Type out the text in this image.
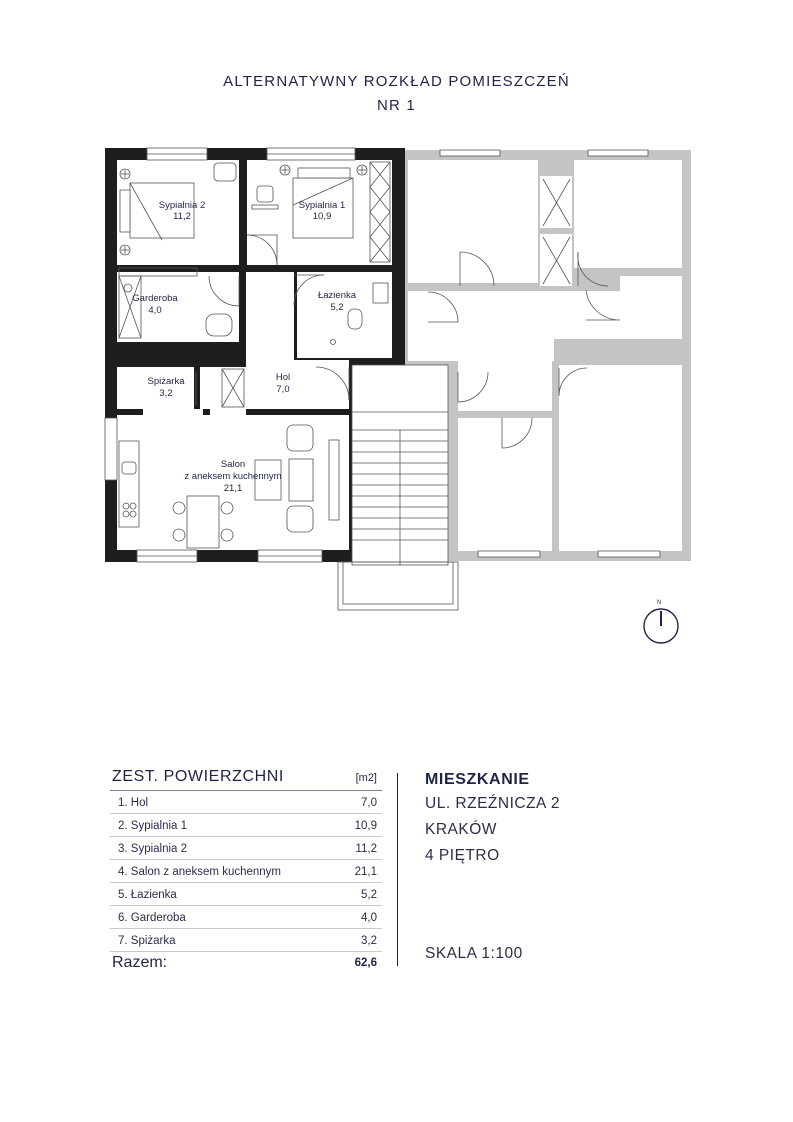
ALTERNATYWNY ROZKŁAD POMIESZCZEŃ
NR 1
N
Sypialnia 2
11,2
Sypialnia 1
10,9
Garderoba
4,0
Łazienka
5,2
Hol
7,0
Spiżarka
3,2
Salon
z aneksem kuchennym
21,1
ZEST. POWIERZCHNI	[m2]
1. Hol	7,0
2. Sypialnia 1	10,9
3. Sypialnia 2	11,2
4. Salon z aneksem kuchennym	21,1
5. Łazienka	5,2
6. Garderoba	4,0
7. Spiżarka	3,2
Razem:	62,6
MIESZKANIE
UL. RZEŹNICZA 2
KRAKÓW
4 PIĘTRO
SKALA 1:100
